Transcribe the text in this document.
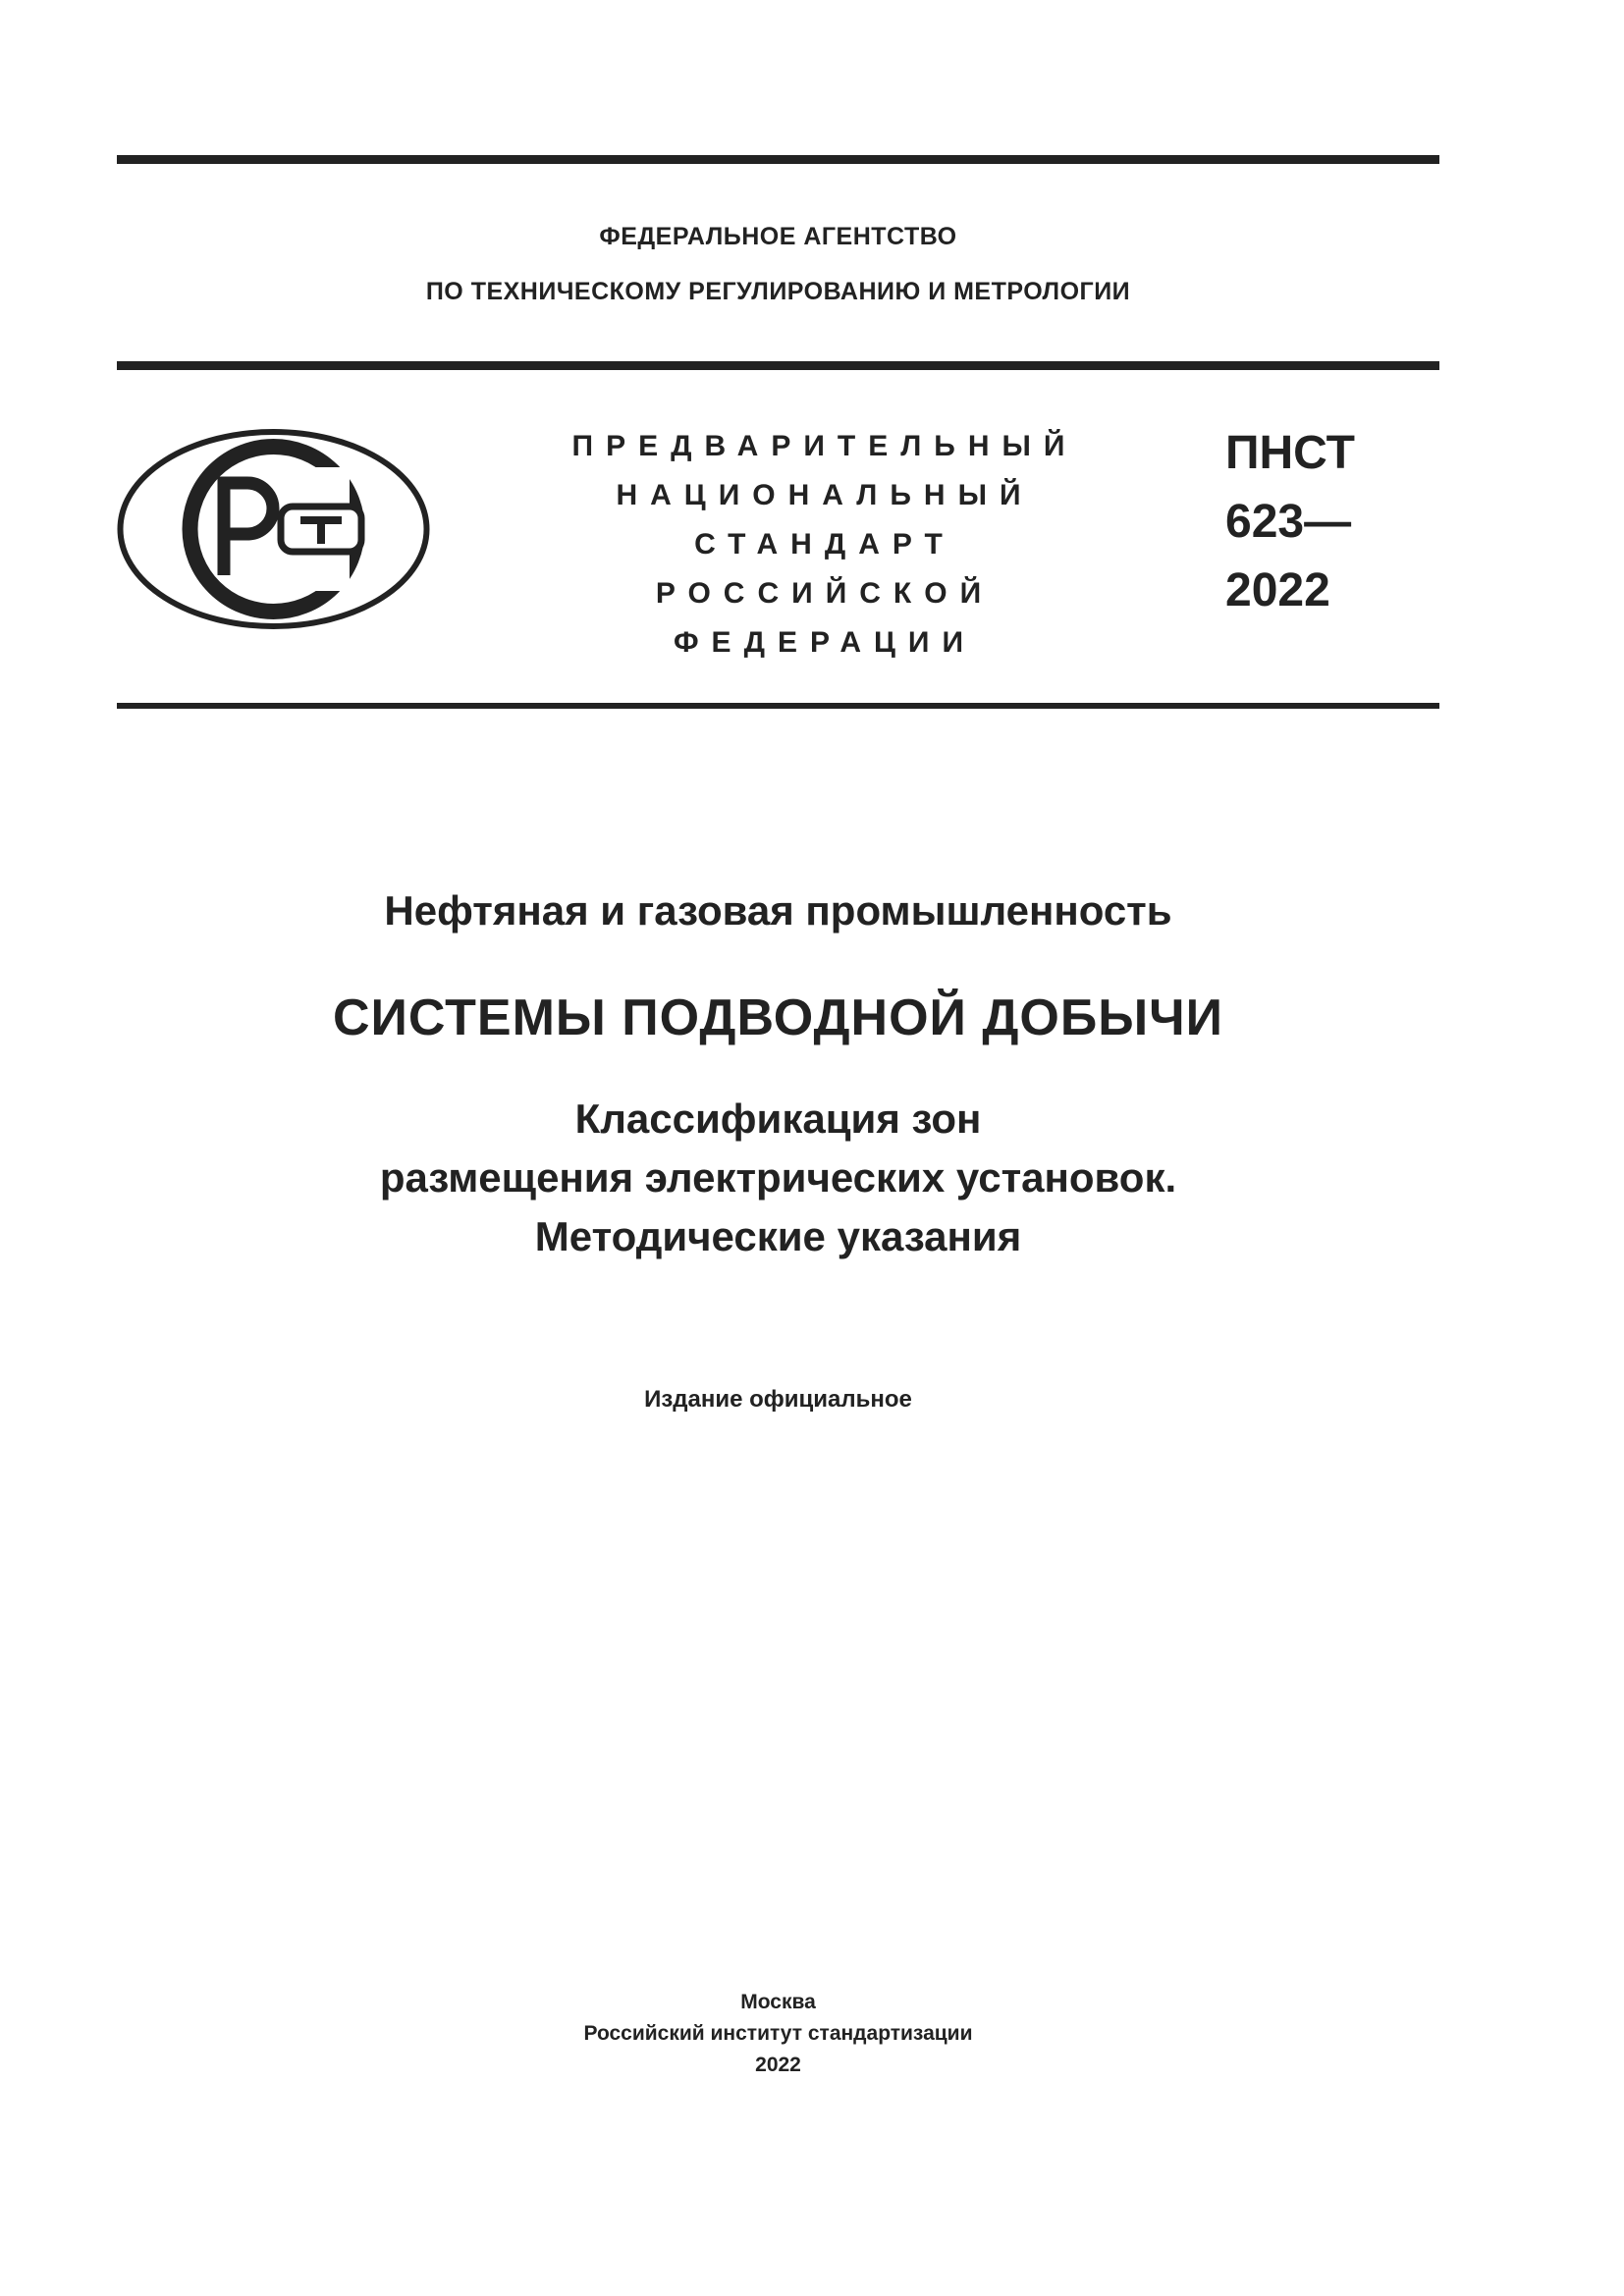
ФЕДЕРАЛЬНОЕ АГЕНТСТВО
ПО ТЕХНИЧЕСКОМУ РЕГУЛИРОВАНИЮ И МЕТРОЛОГИИ
ПРЕДВАРИТЕЛЬНЫЙ
НАЦИОНАЛЬНЫЙ
СТАНДАРТ
РОССИЙСКОЙ
ФЕДЕРАЦИИ
ПНСТ
623—
2022
Нефтяная и газовая промышленность
СИСТЕМЫ ПОДВОДНОЙ ДОБЫЧИ
Классификация зон
размещения электрических установок.
Методические указания
Издание официальное
Москва
Российский институт стандартизации
2022
